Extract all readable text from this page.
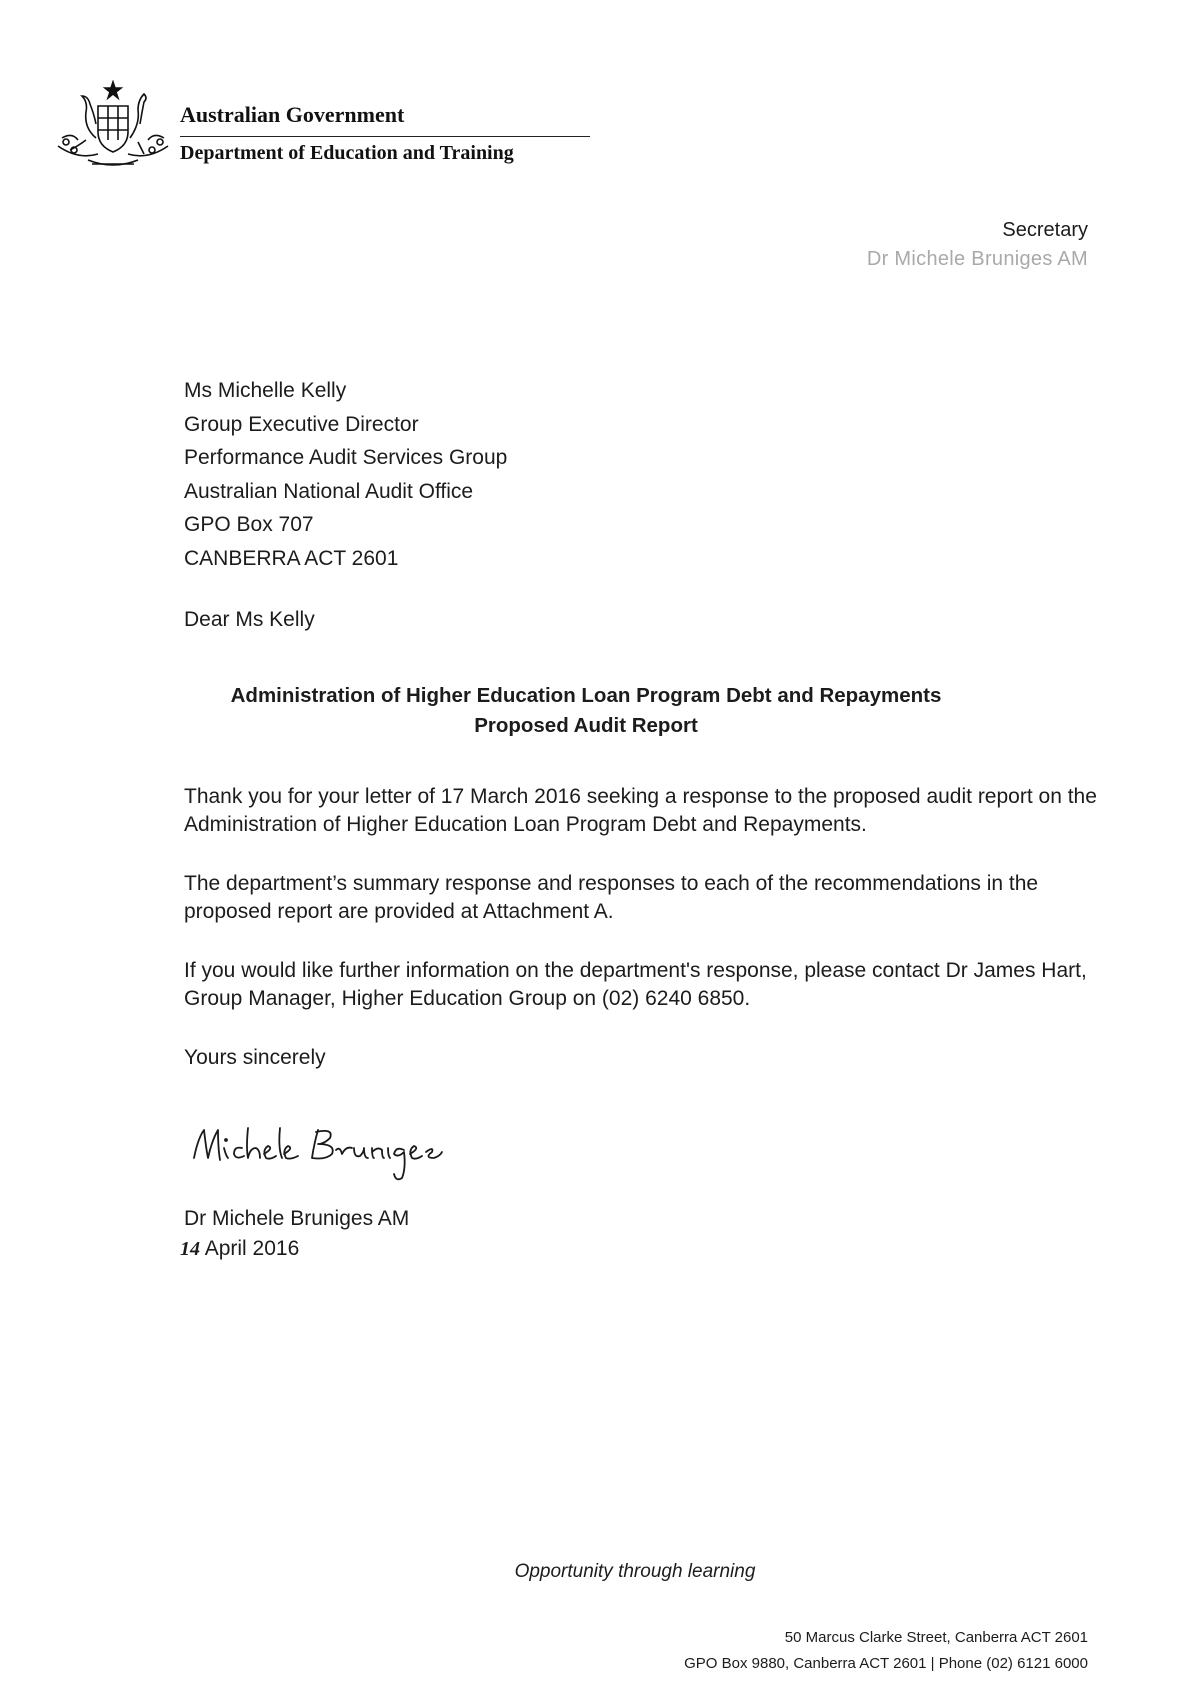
Australian Government
Department of Education and Training
Secretary
Dr Michele Bruniges AM
Ms Michelle Kelly
Group Executive Director
Performance Audit Services Group
Australian National Audit Office
GPO Box 707
CANBERRA ACT 2601
Dear Ms Kelly
Administration of Higher Education Loan Program Debt and Repayments
Proposed Audit Report
Thank you for your letter of 17 March 2016 seeking a response to the proposed audit report on the Administration of Higher Education Loan Program Debt and Repayments.
The department’s summary response and responses to each of the recommendations in the proposed report are provided at Attachment A.
If you would like further information on the department's response, please contact Dr James Hart, Group Manager, Higher Education Group on (02) 6240 6850.
Yours sincerely
Dr Michele Bruniges AM
14 April 2016
Opportunity through learning
50 Marcus Clarke Street, Canberra ACT 2601
GPO Box 9880, Canberra ACT 2601 | Phone (02) 6121 6000
